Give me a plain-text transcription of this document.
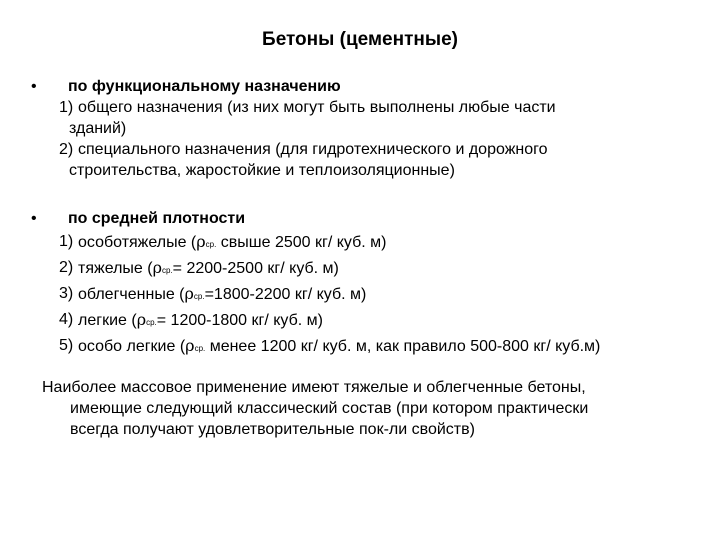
Бетоны (цементные)
• по функциональному назначению
1) общего назначения (из них могут быть выполнены любые части
зданий)
2) специального назначения (для гидротехнического и дорожного
строительства, жаростойкие и теплоизоляционные)
• по средней плотности
1) особотяжелые (ρср. свыше 2500 кг/ куб. м)
2) тяжелые (ρср.= 2200-2500 кг/ куб. м)
3) облегченные (ρср.=1800-2200 кг/ куб. м)
4) легкие (ρср.= 1200-1800 кг/ куб. м)
5) особо легкие (ρср. менее 1200 кг/ куб. м, как правило 500-800 кг/ куб.м)
Наиболее массовое применение имеют тяжелые и облегченные бетоны,
имеющие следующий классический состав (при котором практически
всегда получают удовлетворительные пок-ли свойств)
